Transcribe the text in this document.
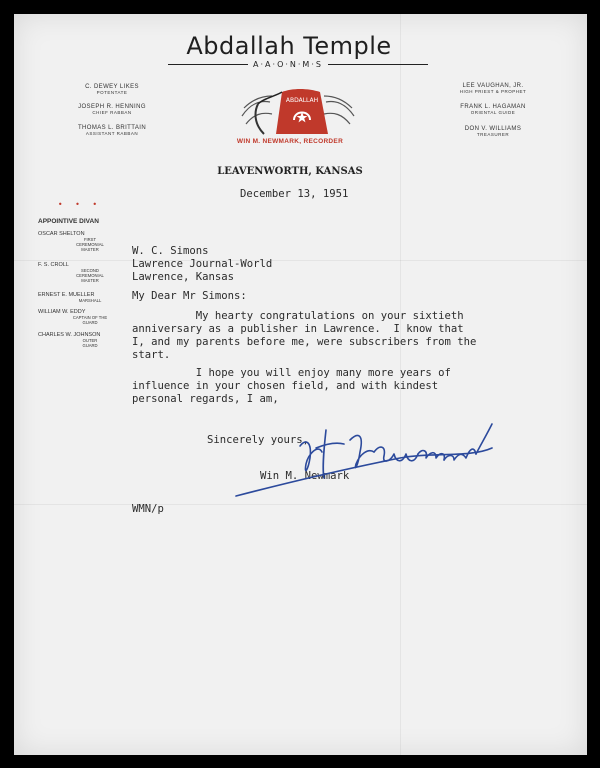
Abdallah Temple
A·A·O·N·M·S
ABDALLAH
WIN M. NEWMARK, RECORDER
LEAVENWORTH, KANSAS
C. DEWEY LIKES
POTENTATE
JOSEPH R. HENNING
CHIEF RABBAN
THOMAS L. BRITTAIN
ASSISTANT RABBAN
LEE VAUGHAN, JR.
HIGH PRIEST & PROPHET
FRANK L. HAGAMAN
ORIENTAL GUIDE
DON V. WILLIAMS
TREASURER
• • •
APPOINTIVE DIVAN
OSCAR SHELTON
FIRST
CEREMONIAL
MASTER
F. S. CROLL
SECOND
CEREMONIAL
MASTER
ERNEST E. MUELLER
MARSHALL
WILLIAM W. EDDY
CAPTAIN OF THE
GUARD
CHARLES W. JOHNSON
OUTER
GUARD
December 13, 1951
W. C. Simons
Lawrence Journal-World
Lawrence, Kansas
My Dear Mr Simons:
My hearty congratulations on your sixtieth
anniversary as a publisher in Lawrence.  I know that
I, and my parents before me, were subscribers from the
start.
I hope you will enjoy many more years of
influence in your chosen field, and with kindest
personal regards, I am,
Sincerely yours,
Win M. Newmark
WMN/p
